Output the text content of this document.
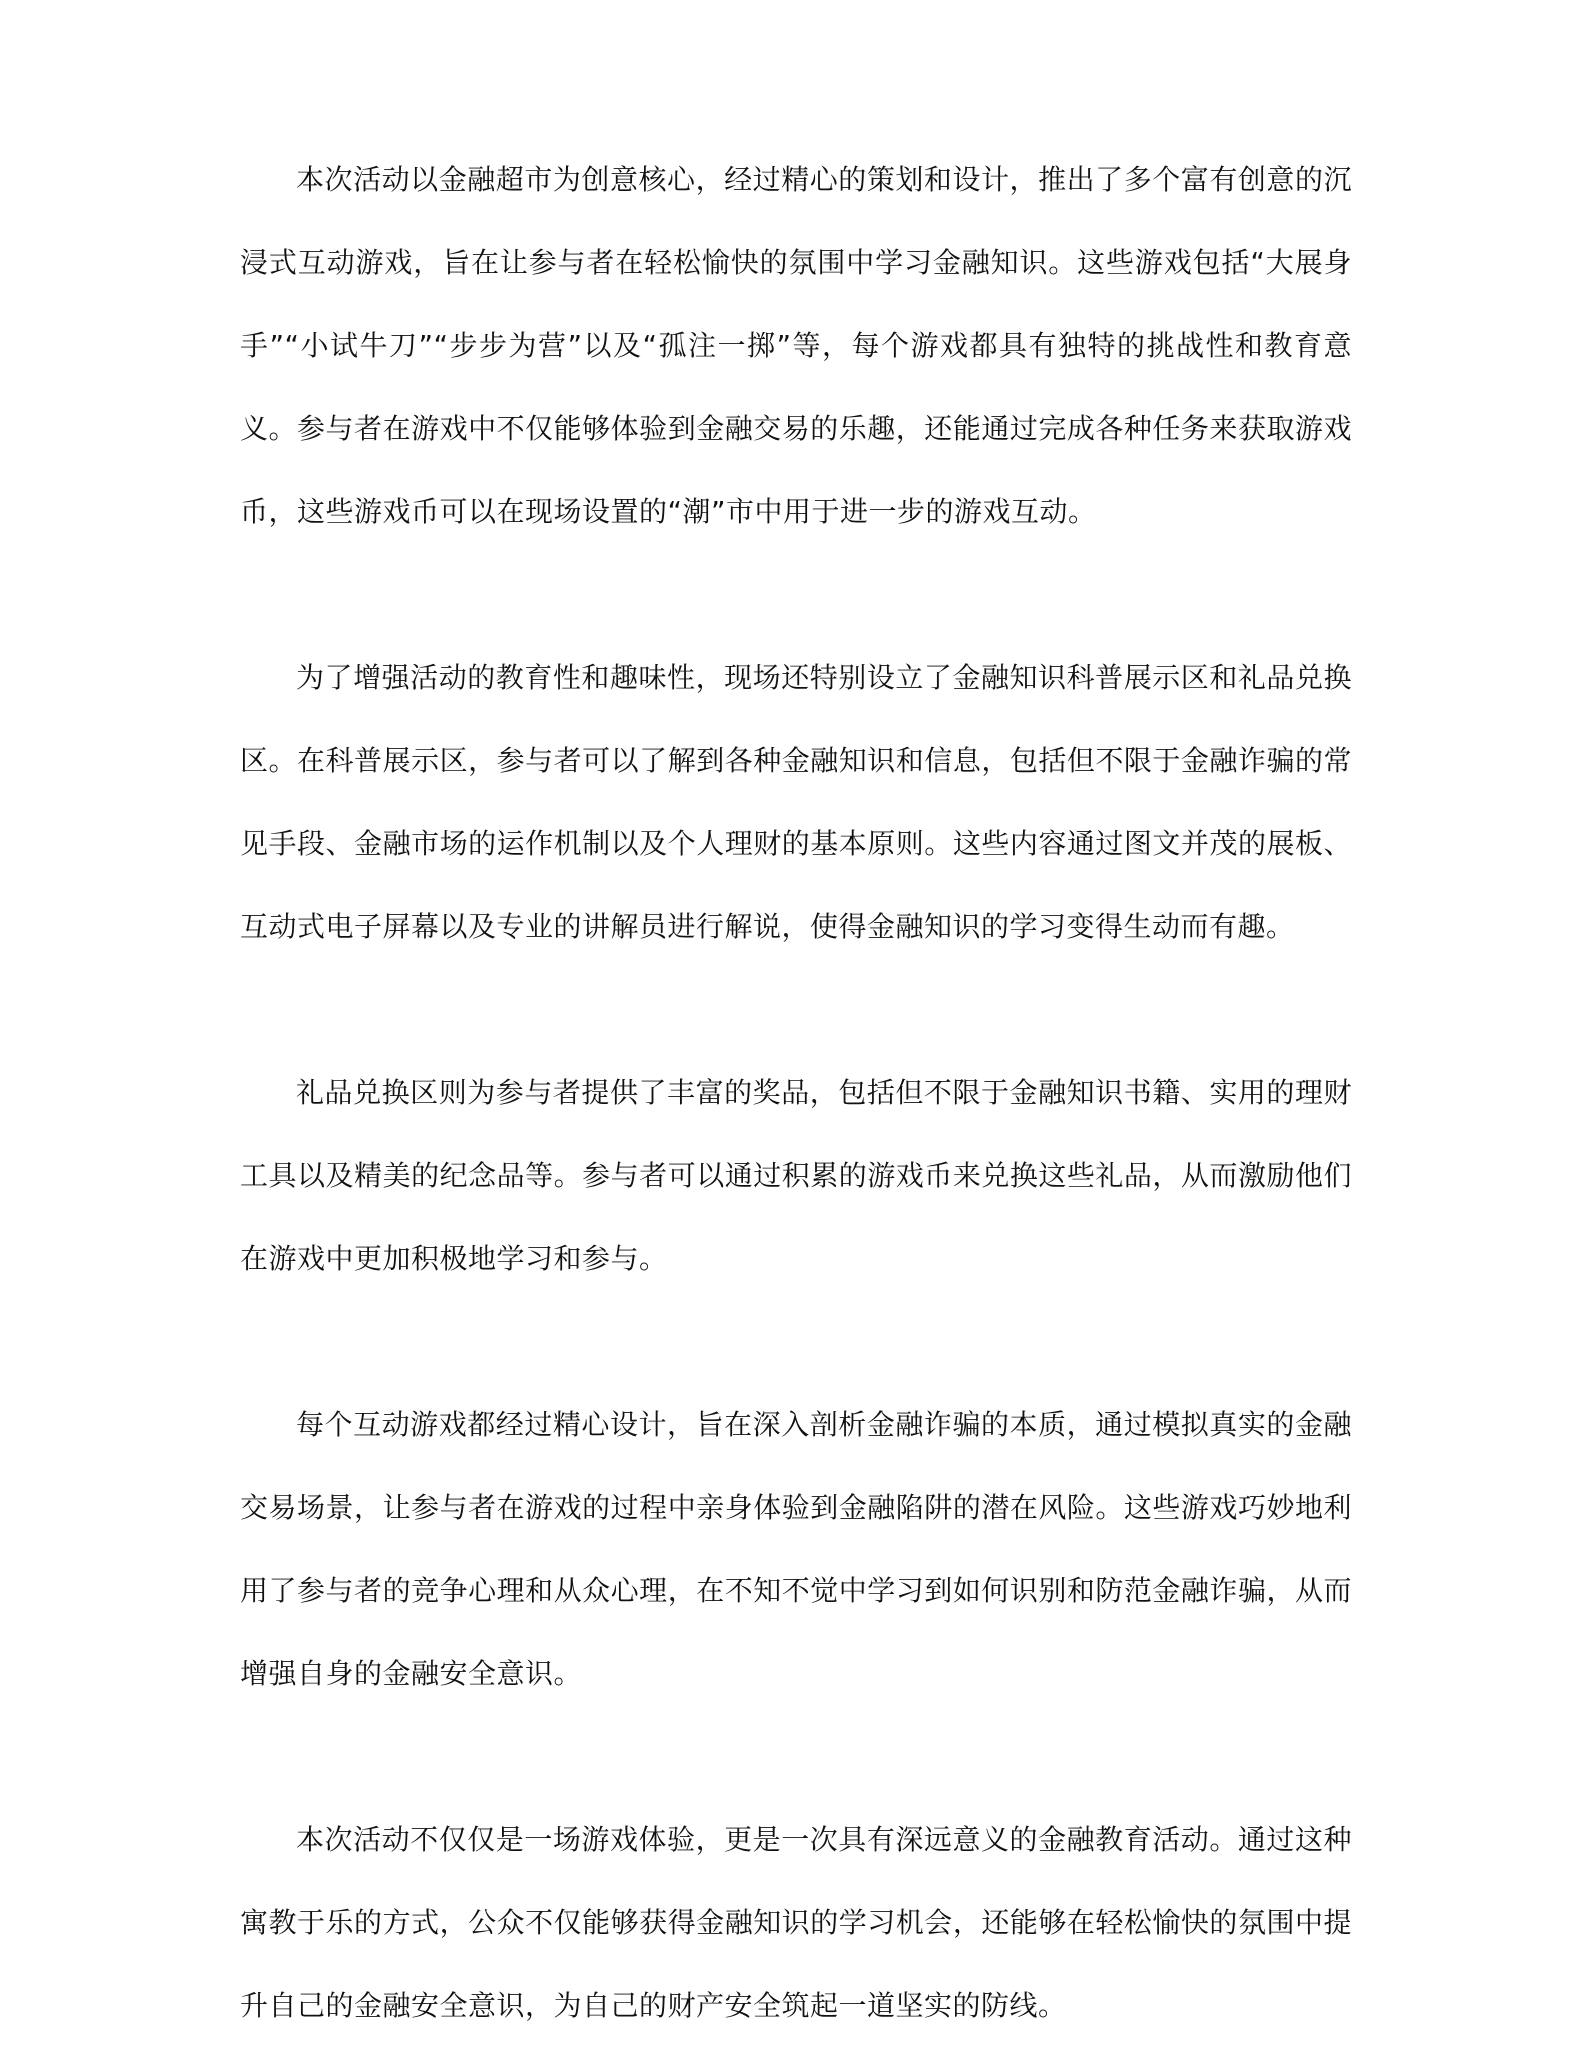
本次活动以金融超市为创意核心，经过精心的策划和设计，推出了多个富有创意的沉浸式互动游戏，旨在让参与者在轻松愉快的氛围中学习金融知识。这些游戏包括“大展身手”“小试牛刀”“步步为营”以及“孤注一掷”等，每个游戏都具有独特的挑战性和教育意义。参与者在游戏中不仅能够体验到金融交易的乐趣，还能通过完成各种任务来获取游戏币，这些游戏币可以在现场设置的“潮”市中用于进一步的游戏互动。

为了增强活动的教育性和趣味性，现场还特别设立了金融知识科普展示区和礼品兑换区。在科普展示区，参与者可以了解到各种金融知识和信息，包括但不限于金融诈骗的常见手段、金融市场的运作机制以及个人理财的基本原则。这些内容通过图文并茂的展板、互动式电子屏幕以及专业的讲解员进行解说，使得金融知识的学习变得生动而有趣。

礼品兑换区则为参与者提供了丰富的奖品，包括但不限于金融知识书籍、实用的理财工具以及精美的纪念品等。参与者可以通过积累的游戏币来兑换这些礼品，从而激励他们在游戏中更加积极地学习和参与。

每个互动游戏都经过精心设计，旨在深入剖析金融诈骗的本质，通过模拟真实的金融交易场景，让参与者在游戏的过程中亲身体验到金融陷阱的潜在风险。这些游戏巧妙地利用了参与者的竞争心理和从众心理，在不知不觉中学习到如何识别和防范金融诈骗，从而增强自身的金融安全意识。

本次活动不仅仅是一场游戏体验，更是一次具有深远意义的金融教育活动。通过这种寓教于乐的方式，公众不仅能够获得金融知识的学习机会，还能够在轻松愉快的氛围中提升自己的金融安全意识，为自己的财产安全筑起一道坚实的防线。
